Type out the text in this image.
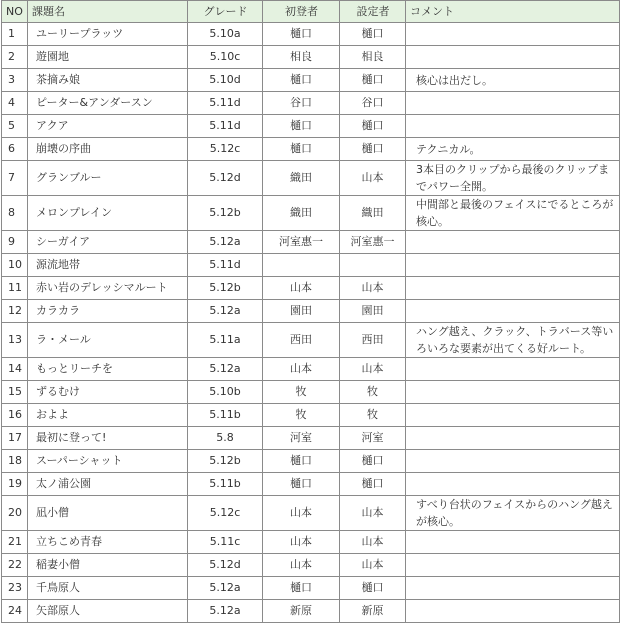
NO	課題名	グレード	初登者	設定者	コメント
1	ユーリープラッツ	5.10a	樋口	樋口	
2	遊園地	5.10c	相良	相良	
3	茶摘み娘	5.10d	樋口	樋口	核心は出だし。
4	ピーター&アンダースン	5.11d	谷口	谷口	
5	アクア	5.11d	樋口	樋口	
6	崩壊の序曲	5.12c	樋口	樋口	テクニカル。
7	グランブルー	5.12d	織田	山本	3本目のクリップから最後のクリップまでパワー全開。
8	メロンプレイン	5.12b	織田	織田	中間部と最後のフェイスにでるところが核心。
9	シーガイア	5.12a	河室惠一	河室惠一	
10	源流地帯	5.11d			
11	赤い岩のデレッシマルート	5.12b	山本	山本	
12	カラカラ	5.12a	園田	園田	
13	ラ・メール	5.11a	西田	西田	ハング越え、クラック、トラバース等いろいろな要素が出てくる好ルート。
14	もっとリーチを	5.12a	山本	山本	
15	ずるむけ	5.10b	牧	牧	
16	およよ	5.11b	牧	牧	
17	最初に登って!	5.8	河室	河室	
18	スーパーシャット	5.12b	樋口	樋口	
19	太ノ浦公園	5.11b	樋口	樋口	
20	凪小僧	5.12c	山本	山本	すべり台状のフェイスからのハング越えが核心。
21	立ちこめ青春	5.11c	山本	山本	
22	稲妻小僧	5.12d	山本	山本	
23	千鳥原人	5.12a	樋口	樋口	
24	矢部原人	5.12a	新原	新原	
